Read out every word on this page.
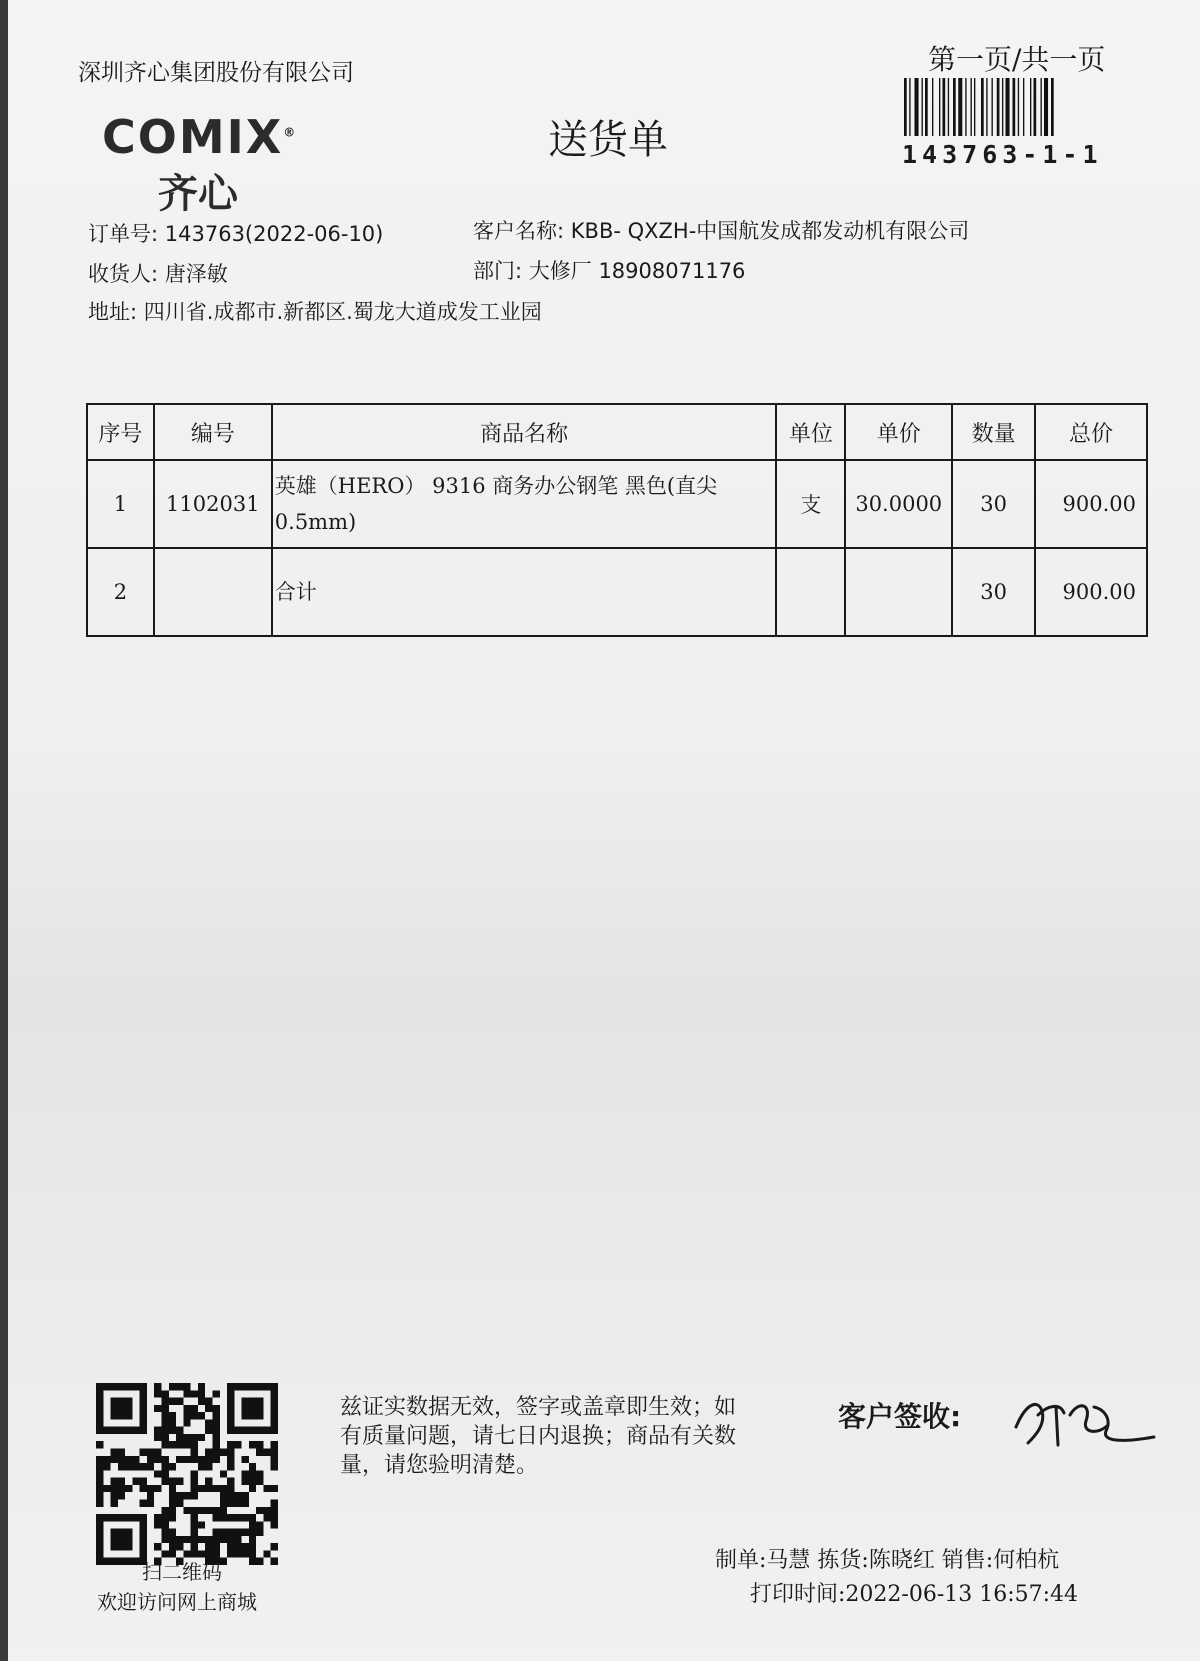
深圳齐心集团股份有限公司	第一页/共一页
COMIX®
齐心
送货单	143763-1-1
订单号: 143763(2022-06-10)	客户名称: KBB- QXZH-中国航发成都发动机有限公司
收货人: 唐泽敏	部门: 大修厂 18908071176
地址: 四川省.成都市.新都区.蜀龙大道成发工业园
序号	编号	商品名称	单位	单价	数量	总价
1	1102031	英雄（HERO） 9316 商务办公钢笔 黑色(直尖 0.5mm)	支	30.0000	30	900.00
2		合计			30	900.00
扫二维码
欢迎访问网上商城
兹证实数据无效，签字或盖章即生效；如有质量问题，请七日内退换；商品有关数量，请您验明清楚。
客户签收:
制单:马慧 拣货:陈晓红 销售:何柏杭
打印时间:2022-06-13 16:57:44
